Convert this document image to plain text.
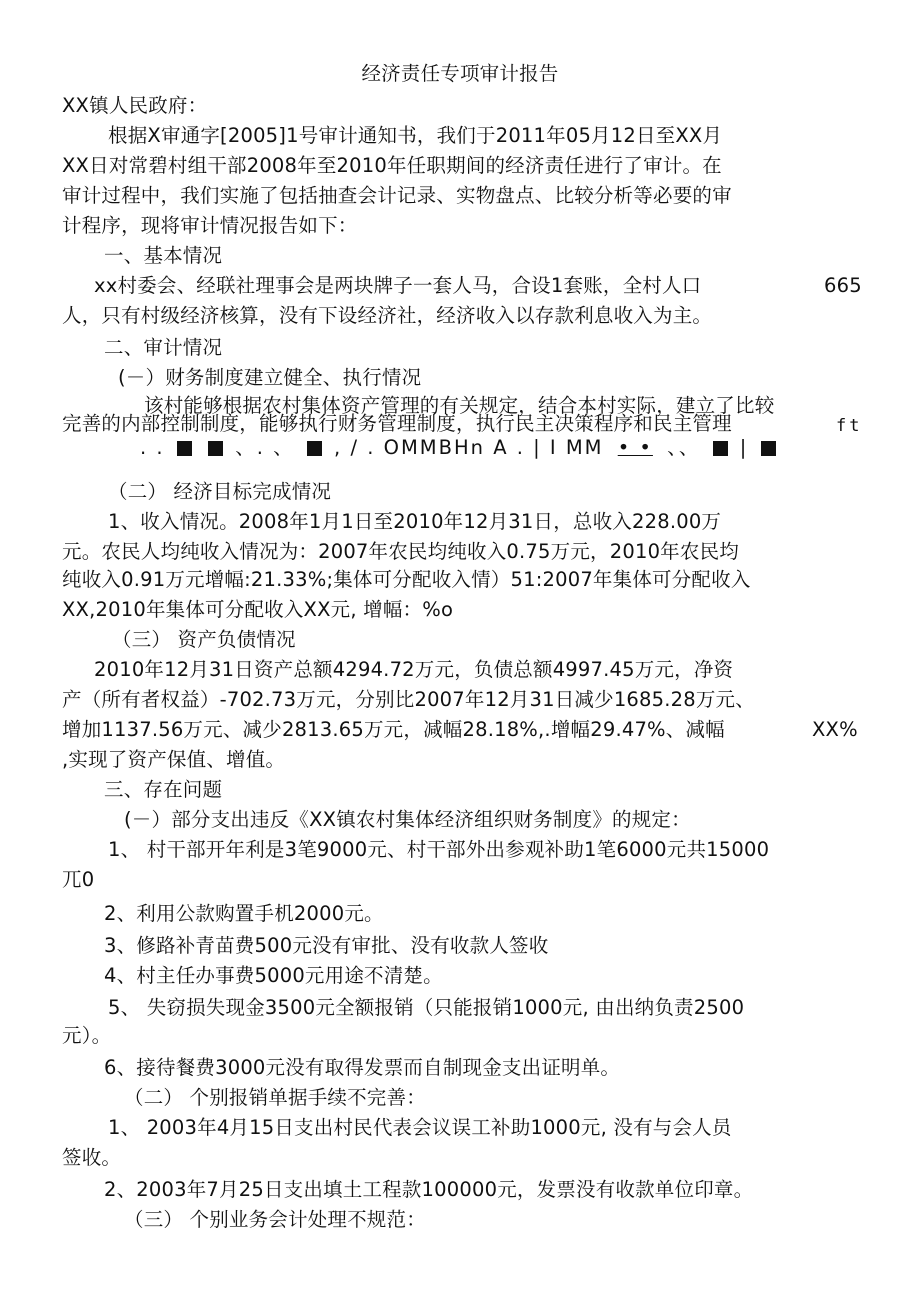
经济责任专项审计报告
XX镇人民政府：
根据X审通字[2005]1号审计通知书，我们于2011年05月12日至XX月
XX日对常碧村组干部2008年至2010年任职期间的经济责任进行了审计。在
审计过程中，我们实施了包括抽查会计记录、实物盘点、比较分析等必要的审
计程序，现将审计情况报告如下：
一、基本情况
xx村委会、经联社理事会是两块牌子一套人马，合设1套账，全村人口	665
人，只有村级经济核算，没有下设经济社，经济收入以存款利息收入为主。
二、审计情况
(－）财务制度建立健全、执行情况
该村能够根据农村集体资产管理的有关规定，结合本村实际，建立了比较
完善的内部控制制度，能够执行财务管理制度，执行民主决策程序和民主管理	ft
. .	、. 、 , / . OMMBHn A . | I MM • • 、、 |
（二） 经济目标完成情况
1、收入情况。2008年1月1日至2010年12月31日，总收入228.00万
元。农民人均纯收入情况为：2007年农民均纯收入0.75万元，2010年农民均
纯收入0.91万元增幅:21.33%;集体可分配收入情）51:2007年集体可分配收入
XX,2010年集体可分配收入XX元, 增幅：%o
（三） 资产负债情况
2010年12月31日资产总额4294.72万元，负债总额4997.45万元，净资
产（所有者权益）-702.73万元，分别比2007年12月31日减少1685.28万元、
增加1137.56万元、减少2813.65万元，减幅28.18%,.增幅29.47%、减幅	XX%
,实现了资产保值、增值。
三、存在问题
(－）部分支出违反《XX镇农村集体经济组织财务制度》的规定：
1、 村干部开年利是3笔9000元、村干部外出参观补助1笔6000元共15000
兀0
2、利用公款购置手机2000元。
3、修路补青苗费500元没有审批、没有收款人签收
4、村主任办事费5000元用途不清楚。
5、 失窃损失现金3500元全额报销（只能报销1000元, 由出纳负责2500
元）。
6、接待餐费3000元没有取得发票而自制现金支出证明单。
（二） 个别报销单据手续不完善：
1、 2003年4月15日支出村民代表会议误工补助1000元, 没有与会人员
签收。
2、2003年7月25日支出填土工程款100000元，发票没有收款单位印章。
（三） 个别业务会计处理不规范：
